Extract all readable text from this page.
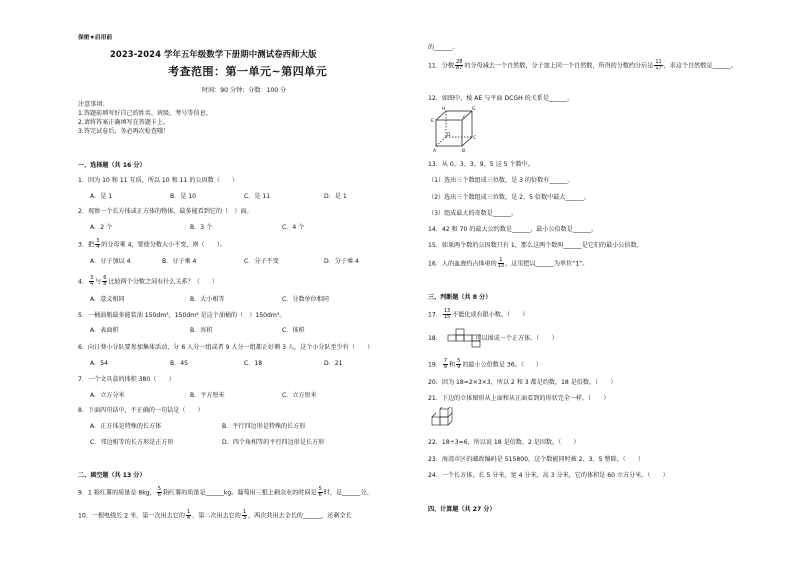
保密★启用前
2023-2024 学年五年级数学下册期中测试卷西师大版
考查范围：第一单元~第四单元
时间：90 分钟；分数：100 分
注意事项：
1.答题前填写好自己的姓名、班级、考号等信息。
2.请将答案正确填写在答题卡上。
3.答完试卷后，务必再次检查哦！
一、选择题（共 16 分）
1．因为 10 和 11 互质，所以 10 和 11 的公因数（　　）
A．是 1	B．是 10	C．是 11	D．是 1
2．观察一个长方体或正方体的物体，最多能看到它的（　）面。
A．2 个	B．3 个	C．4 个
3．把 $\frac{3}{4}$ 的分母乘 4，要使分数大小不变，则（　　）。
A．分子加以 4	B．分子乘 4	C．分子不变	D．分子乘 4
4． $\frac{3}{4}$ 与 $\frac{6}{8}$ 比较两个分数之间有什么关系？（　　）
A．意义相同	B．大小相等	C．分数单位相同
5．一桶油瓶最多能装油 150dm³，150dm³ 是这个油桶的（　）150dm³。
A．表面积	B．容积	C．体积
6．向日葵小分队要参加集体活动，分 6 人分一组或者 9 人分一组都正好剩 3 人，这个小分队至少有（　　）
A．54	B．45	C．18	D．21
7．一个文具盒的体积 380（　　）
A．立方分米	B．平方厘米	C．立方厘米
8．下面四句话中，不正确的一句话是（　　）
A．正方体是特殊的长方体	B．平行四边形是特殊的长方形
C．邻边相等的长方形是正方形	D．四个角相等的平行四边形是长方形
二、填空题（共 13 分）
9．1 箱红薯的质量是 8kg， $\frac{5}{6}$ 箱红薯的质量是______kg。葡萄用三根上剩余业的时间是 $\frac{5}{6}$ 时，是______分。
10．一根电线长 2 米，第一次用去它的 $\frac{1}{4}$ ，第二次用去它的 $\frac{1}{3}$ ，两次共用去全长的______，还剩全长
的______。
11．分数 $\frac{28}{87}$ 的分母减去一个自然数，分子加上同一个自然数，所得的分数约分后是 $\frac{11}{17}$ ，求这个自然数是______。
12．如图中，棱 AE 与平面 DCGH 的关系是______。
H	G
E
F
D
C
A	B
13．从 0、3、3、9、5 这 5 个数中。
（1）选出三个数组成三位数，是 3 的倍数有______。
（2）选出三个数组成三位数，是 2、5 倍数中最大______。
（3）组成最大的奇数是______。
14．42 和 70 的最大公约数是______，最小公倍数是______。
15．如果两个数的公因数只有 1，那么这两个数叫______是它们的最小公倍数。
16．人的血液约占体重的 $\frac{1}{13}$ ，这里把以______为单位“1”。
三、判断题（共 8 分）
17． $\frac{13}{15}$ 不能化成有限小数。（　　）
18．　　　　　　可以围成一个正方体。（　　）
19． $\frac{7}{9}$ 和 $\frac{5}{9}$ 的最小公倍数是 36。（　　）
20．因为 18=2×3×3，所以 2 和 3 都是约数，18 是倍数。（　　）
21．下边的立体图形从上面和从正面看到的形状完全一样。（　　）
22．18÷3=6，所以说 18 是倍数，2 是因数。（　　）
23．海湾市区的邮政编码是 515800，这个数能同时被 2、3、5 整除。（　　）
24．一个长方体，长 5 分米，宽 4 分米，高 3 分米，它的体积是 60 立方分米。（　　）
四、计算题（共 27 分）
